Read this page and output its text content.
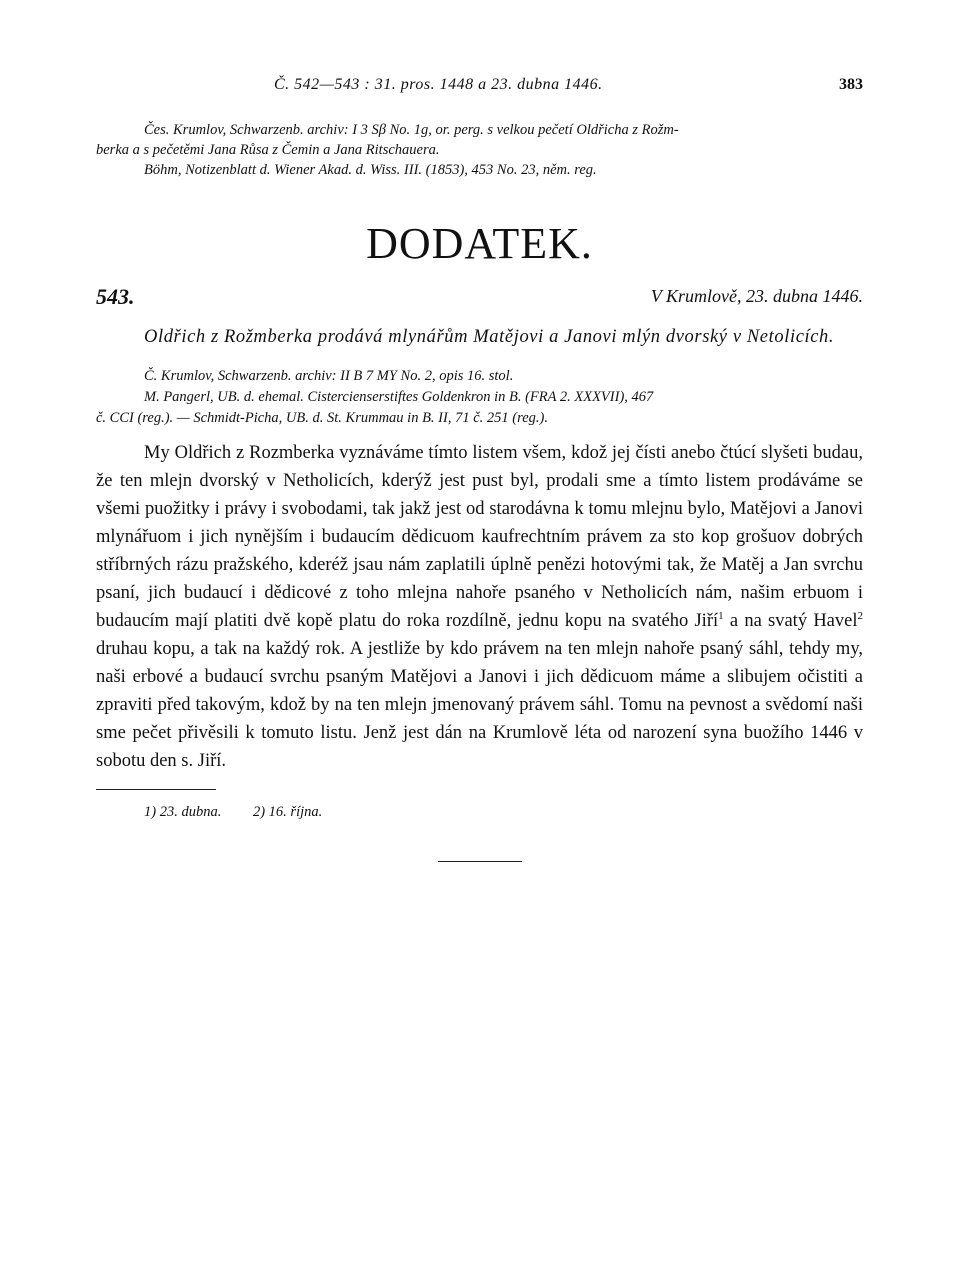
Č. 542—543 : 31. pros. 1448 a 23. dubna 1446.	383

Čes. Krumlov, Schwarzenb. archiv: I 3 Sβ No. 1g, or. perg. s velkou pečetí Oldřicha z Rožm-

berka a s pečetěmi Jana Růsa z Čemin a Jana Ritschauera.

Böhm, Notizenblatt d. Wiener Akad. d. Wiss. III. (1853), 453 No. 23, něm. reg.

DODATEK.
543.	V Krumlově, 23. dubna 1446.

Oldřich z Rožmberka prodává mlynářům Matějovi a Janovi mlýn dvorský v Netolicích.

Č. Krumlov, Schwarzenb. archiv: II B 7 MY No. 2, opis 16. stol.

M. Pangerl, UB. d. ehemal. Cistercienserstiftes Goldenkron in B. (FRA 2. XXXVII), 467

č. CCI (reg.). — Schmidt-Picha, UB. d. St. Krummau in B. II, 71 č. 251 (reg.).

My Oldřich z Rozmberka vyznáváme tímto listem všem, kdož jej čísti anebo čtúcí slyšeti budau, že ten mlejn dvorský v Netholicích, kderýž jest pust byl, prodali sme a tímto listem prodáváme se všemi puožitky i právy i svobodami, tak jakž jest od starodávna k tomu mlejnu bylo, Matějovi a Janovi mlynářuom i jich nynějším i budaucím dědicuom kaufrechtním právem za sto kop grošuov dobrých stříbrných rázu pražského, kderéž jsau nám zaplatili úplně penězi hotovými tak, že Matěj a Jan svrchu psaní, jich budaucí i dědicové z toho mlejna nahoře psaného v Netholicích nám, našim erbuom i budaucím mají platiti dvě kopě platu do roka rozdílně, jednu kopu na svatého Jiří$^1$ a na svatý Havel$^2$ druhau kopu, a tak na každý rok. A jestliže by kdo právem na ten mlejn nahoře psaný sáhl, tehdy my, naši erbové a budaucí svrchu psaným Matějovi a Janovi i jich dědicuom máme a slibujem očistiti a zpraviti před takovým, kdož by na ten mlejn jmenovaný právem sáhl. Tomu na pevnost a svědomí naši sme pečet přivěsili k tomuto listu. Jenž jest dán na Krumlově léta od narození syna buožího 1446 v sobotu den s. Jiří.

1) 23. dubna. 2) 16. října.
